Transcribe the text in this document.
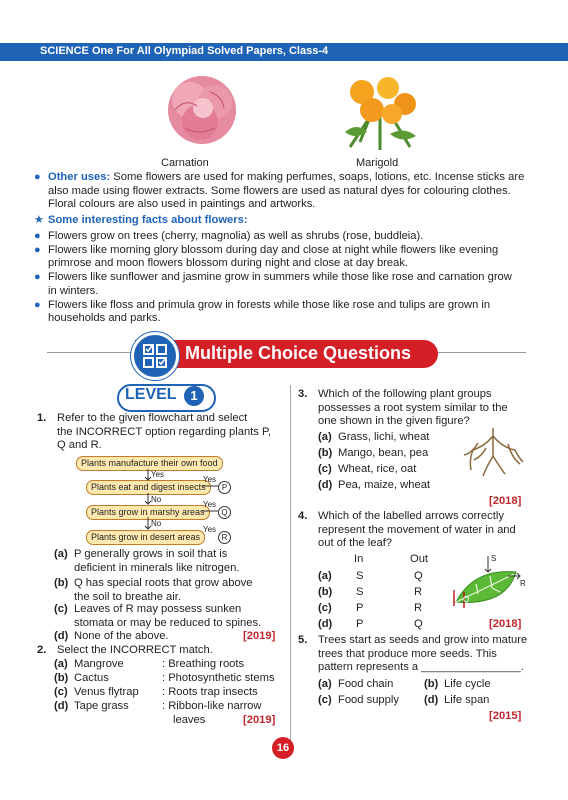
SCIENCE One For All Olympiad Solved Papers, Class-4
Carnation	Marigold
● Other uses: Some flowers are used for making perfumes, soaps, lotions, etc. Incense sticks are
also made using flower extracts. Some flowers are used as natural dyes for colouring clothes.
Floral colours are also used in paintings and artworks.
★ Some interesting facts about flowers:
● Flowers grow on trees (cherry, magnolia) as well as shrubs (rose, buddleia).
● Flowers like morning glory blossom during day and close at night while flowers like evening
primrose and moon flowers blossom during night and close at day break.
● Flowers like sunflower and jasmine grow in summers while those like rose and carnation grow
in winters.
● Flowers like floss and primula grow in forests while those like rose and tulips are grown in
households and parks.
Multiple Choice Questions
LEVEL	1
1. Refer to the given flowchart and select
the INCORRECT option regarding plants P,
Q and R.
Plants manufacture their own food
Yes
Plants eat and digest insects
Yes
P
No
Plants grow in marshy areas
Yes
Q
No
Plants grow in desert areas
Yes
R
(a) P generally grows in soil that is
deficient in minerals like nitrogen.
(b) Q has special roots that grow above
the soil to breathe air.
(c) Leaves of R may possess sunken
stomata or may be reduced to spines.
(d) None of the above.	[2019]
2. Select the INCORRECT match.
(a) Mangrove	: Breathing roots
(b) Cactus	: Photosynthetic stems
(c) Venus flytrap : Roots trap insects
(d) Tape grass	: Ribbon-like narrow
leaves	[2019]
3. Which of the following plant groups
possesses a root system similar to the
one shown in the given figure?
(a) Grass, lichi, wheat
(b) Mango, bean, pea
(c) Wheat, rice, oat
(d) Pea, maize, wheat
[2018]
4. Which of the labelled arrows correctly
represent the movement of water in and
out of the leaf?
In	Out
(a) S	Q
(b) S	R
(c) P	R
(d) P	Q
S
R
P
Q
[2018]
5. Trees start as seeds and grow into mature
trees that produce more seeds. This
pattern represents a ________________.
(a) Food chain	(b) Life cycle
(c) Food supply (d) Life span
[2015]
16
